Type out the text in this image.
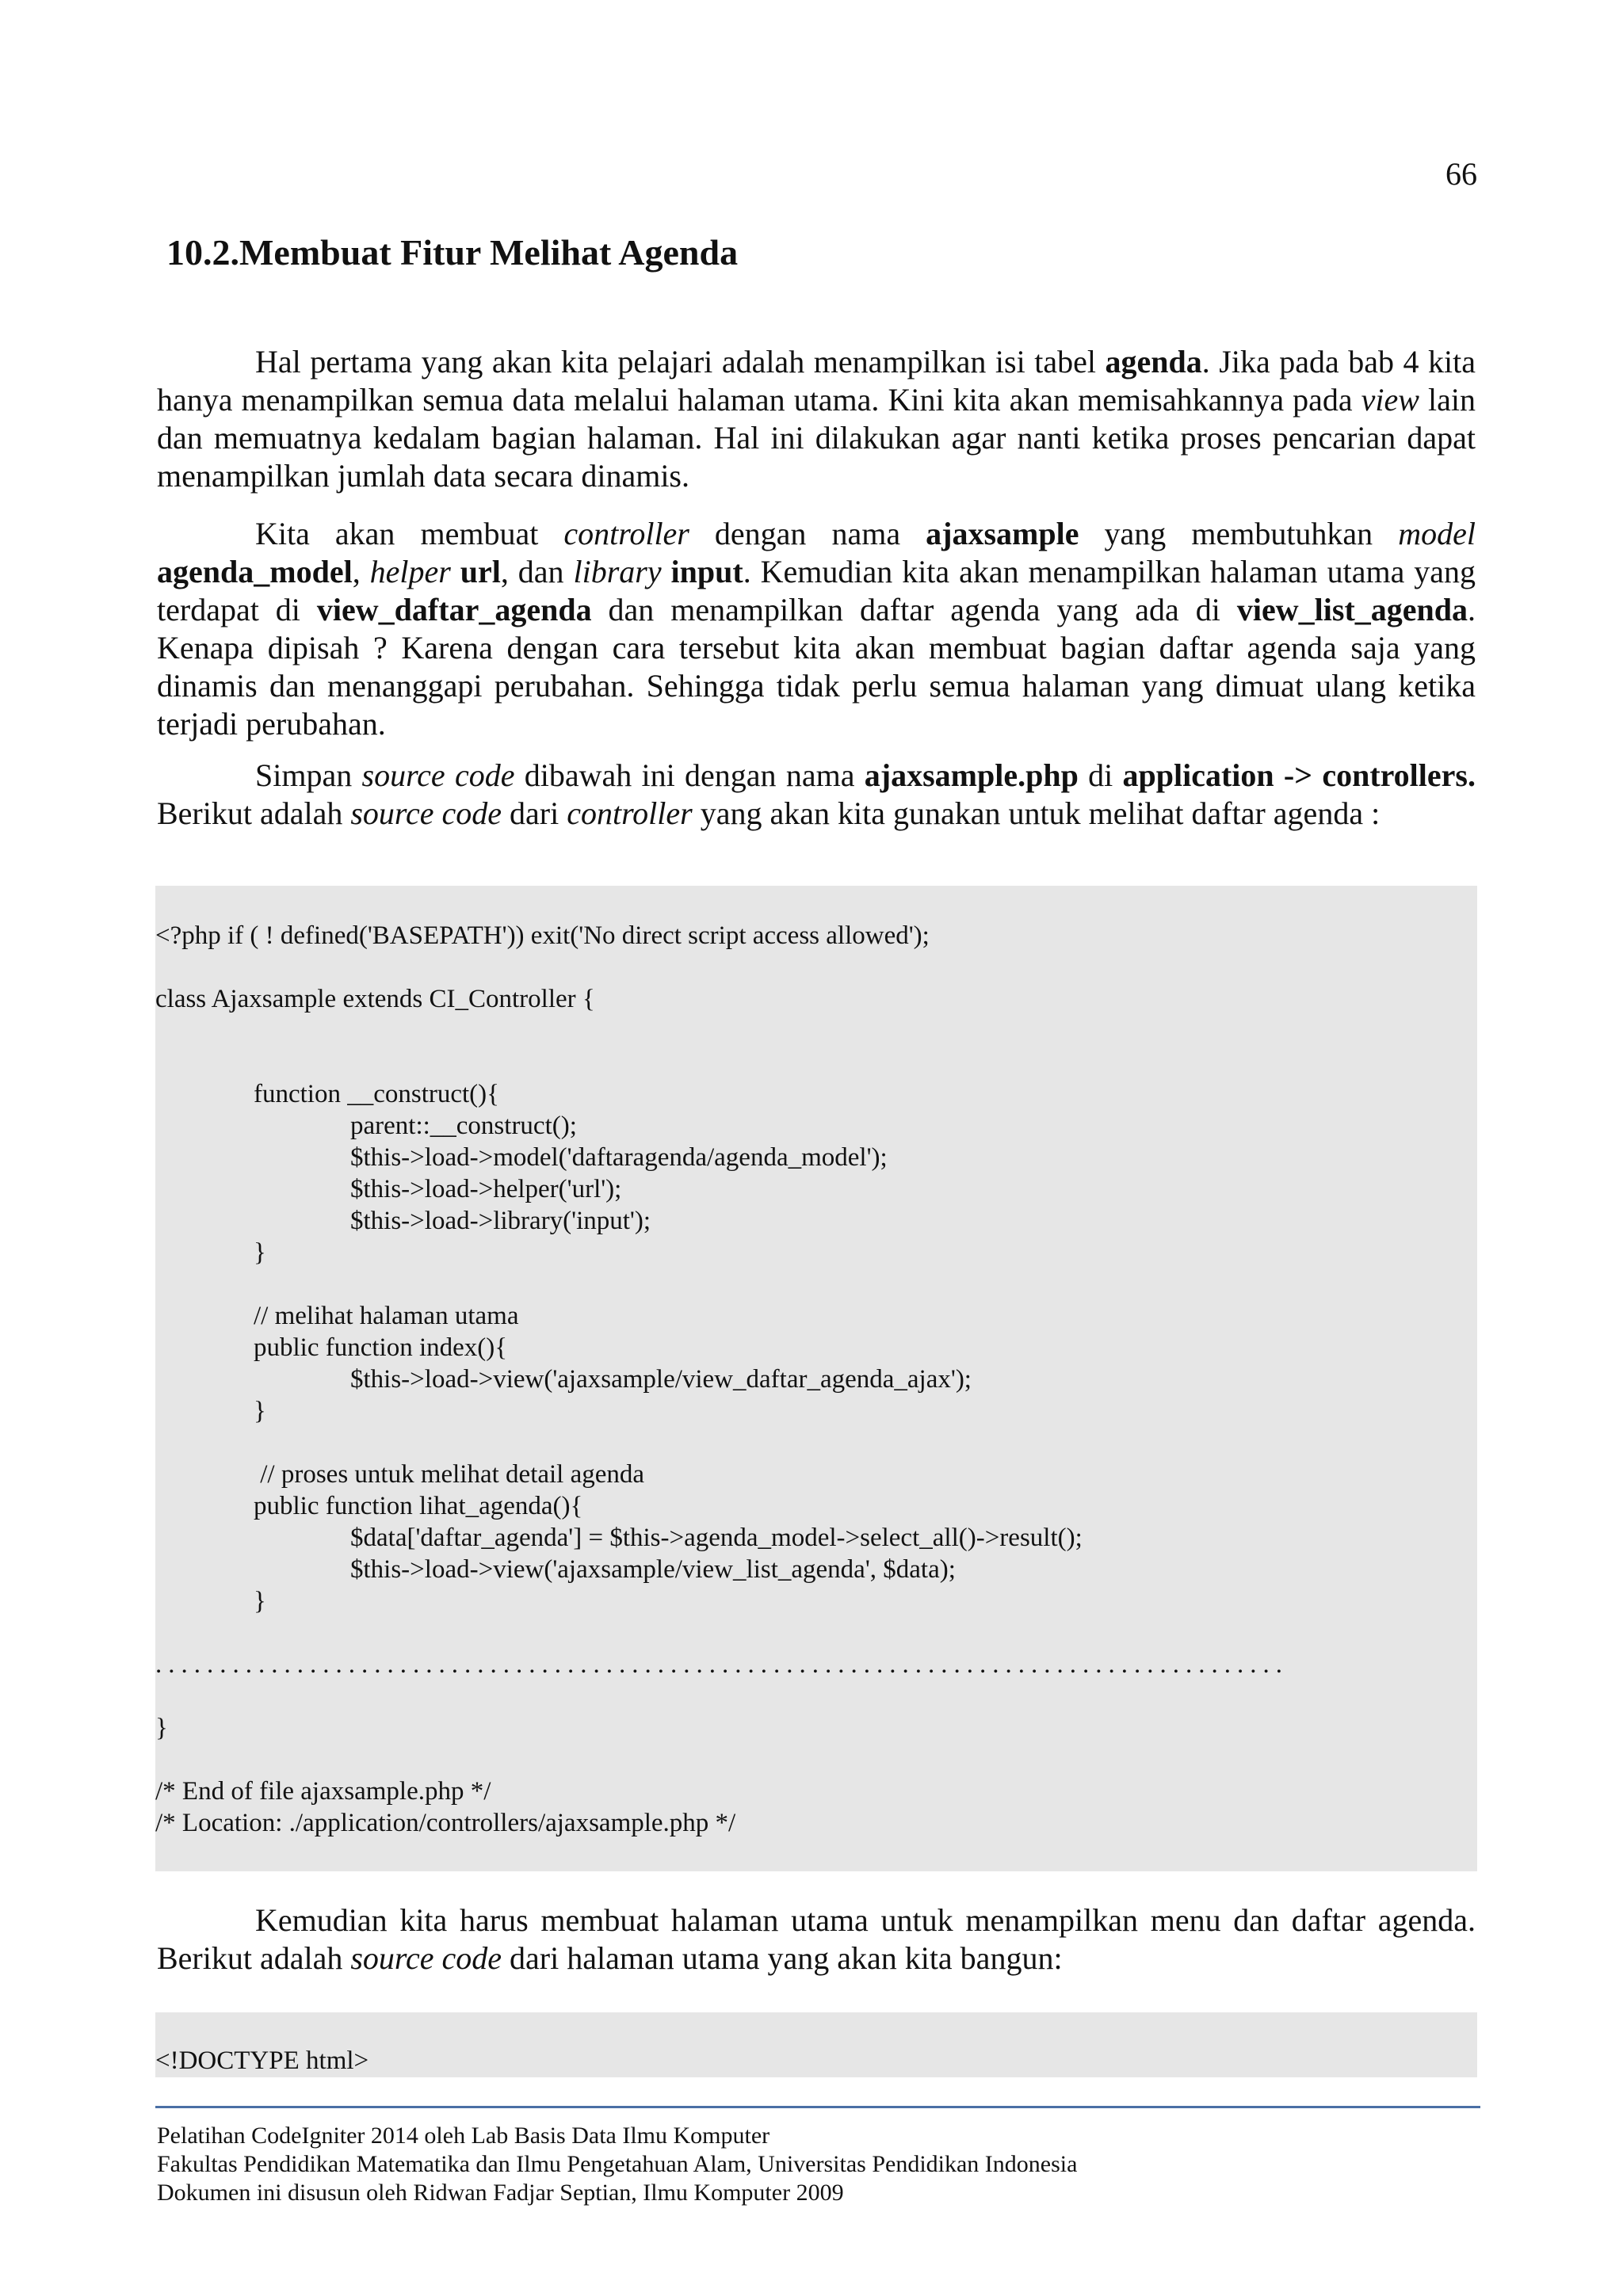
66
10.2.Membuat Fitur Melihat Agenda

Hal pertama yang akan kita pelajari adalah menampilkan isi tabel agenda. Jika pada bab 4 kita hanya menampilkan semua data melalui halaman utama. Kini kita akan memisahkannya pada view lain dan memuatnya kedalam bagian halaman. Hal ini dilakukan agar nanti ketika proses pencarian dapat menampilkan jumlah data secara dinamis.

Kita akan membuat controller dengan nama ajaxsample yang membutuhkan model agenda_model, helper url, dan library input. Kemudian kita akan menampilkan halaman utama yang terdapat di view_daftar_agenda dan menampilkan daftar agenda yang ada di view_list_agenda. Kenapa dipisah ? Karena dengan cara tersebut kita akan membuat bagian daftar agenda saja yang dinamis dan menanggapi perubahan. Sehingga tidak perlu semua halaman yang dimuat ulang ketika terjadi perubahan.

Simpan source code dibawah ini dengan nama ajaxsample.php di application -> controllers. Berikut adalah source code dari controller yang akan kita gunakan untuk melihat daftar agenda :

<?php if ( ! defined('BASEPATH')) exit('No direct script access allowed');
class Ajaxsample extends CI_Controller {
function __construct(){
parent::__construct();
$this->load->model('daftaragenda/agenda_model');
$this->load->helper('url');
$this->load->library('input');
}
// melihat halaman utama
public function index(){
$this->load->view('ajaxsample/view_daftar_agenda_ajax');
}
// proses untuk melihat detail agenda
public function lihat_agenda(){
$data['daftar_agenda'] = $this->agenda_model->select_all()->result();
$this->load->view('ajaxsample/view_list_agenda', $data);
}
........................................................................................
}
/* End of file ajaxsample.php */
/* Location: ./application/controllers/ajaxsample.php */

Kemudian kita harus membuat halaman utama untuk menampilkan menu dan daftar agenda. Berikut adalah source code dari halaman utama yang akan kita bangun:

<!DOCTYPE html>
Pelatihan CodeIgniter 2014 oleh Lab Basis Data Ilmu Komputer
Fakultas Pendidikan Matematika dan Ilmu Pengetahuan Alam, Universitas Pendidikan Indonesia
Dokumen ini disusun oleh Ridwan Fadjar Septian, Ilmu Komputer 2009
